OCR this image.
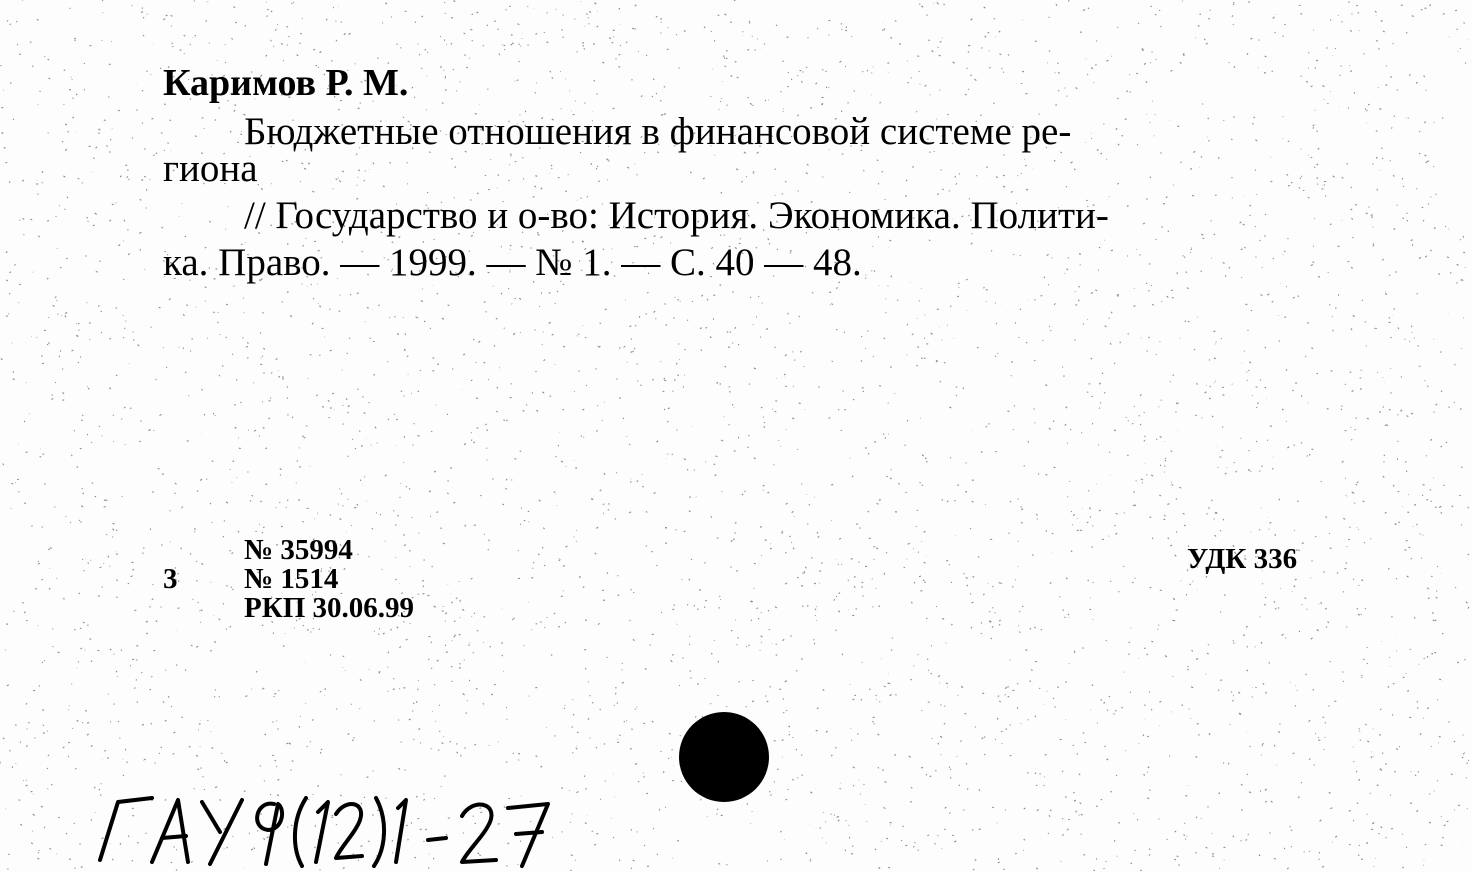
Каримов Р. М.
Бюджетные отношения в финансовой системе ре-
гиона
// Государство и о-во: История. Экономика. Полити-
ка. Право. — 1999. — № 1. — С. 40 — 48.
№ 35994
№ 1514
РКП 30.06.99
3
УДК 336
